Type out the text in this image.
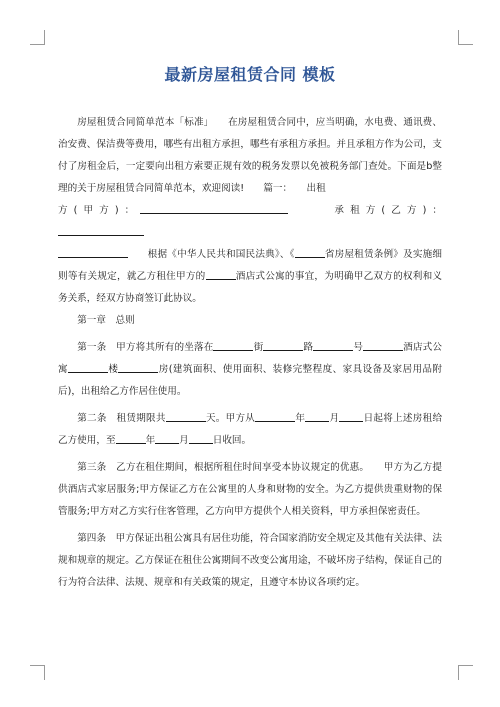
最新房屋租赁合同 模板

房屋租赁合同简单范本「标准」　　 在房屋租赁合同中，应当明确，水电费、通讯费、治安费、保洁费等费用，哪些有出租方承担，哪些有承租方承担。并且承租方作为公司，支付了房租金后，一定要向出租方索要正规有效的税务发票以免被税务部门查处。下面是b整理的关于房屋租赁合同简单范本，欢迎阅读!　　 篇一：　　 出租

方(甲方)：	承租方(乙方)：

　　根据《中华人民共和国民法典》、《	省房屋租赁条例》及实施细则等有关规定，就乙方租住甲方的	酒店式公寓的事宜，为明确甲乙双方的权利和义务关系，经双方协商签订此协议。

第一章　总则

第一条　甲方将其所有的坐落在	街	路	号	酒店式公寓	楼	房(建筑面积、使用面积、装修完整程度、家具设备及家居用品附后)，出租给乙方作居住使用。

第二条　租赁期限共	天。甲方从	年	月	日起将上述房租给乙方使用，至	年	月	日收回。

第三条　乙方在租住期间，根据所租住时间享受本协议规定的优惠。　　 甲方为乙方提供酒店式家居服务;甲方保证乙方在公寓里的人身和财物的安全。为乙方提供贵重财物的保管服务;甲方对乙方实行住客管理，乙方向甲方提供个人相关资料，甲方承担保密责任。

第四条　甲方保证出租公寓具有居住功能，符合国家消防安全规定及其他有关法律、法规和规章的规定。乙方保证在租住公寓期间不改变公寓用途，不破坏房子结构，保证自己的行为符合法律、法规、规章和有关政策的规定，且遵守本协议各项约定。
